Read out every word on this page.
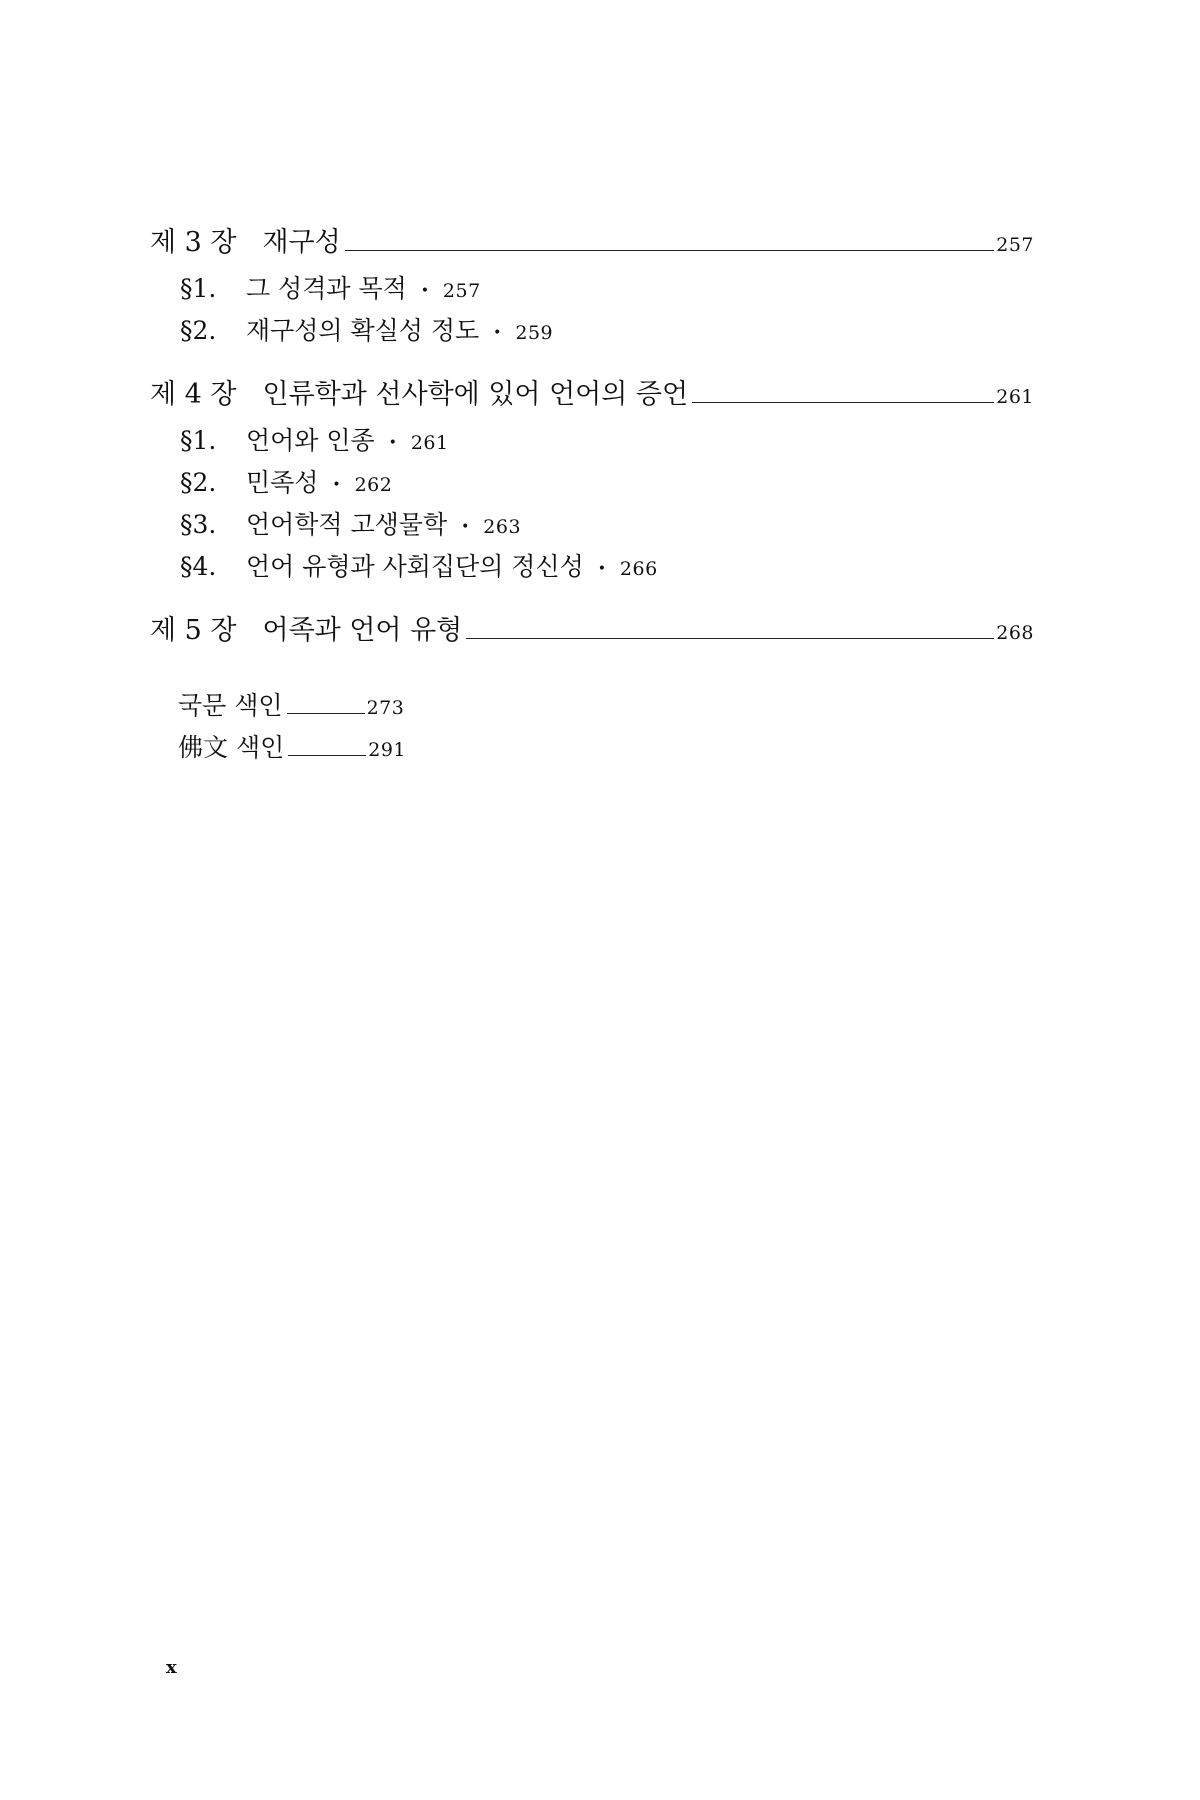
제 3 장 재구성	257
§1. 그 성격과 목적 • 257
§2. 재구성의 확실성 정도 • 259
제 4 장 인류학과 선사학에 있어 언어의 증언	261
§1. 언어와 인종 • 261
§2. 민족성 • 262
§3. 언어학적 고생물학 • 263
§4. 언어 유형과 사회집단의 정신성 • 266
제 5 장 어족과 언어 유형	268
국문 색인	273
佛文 색인	291
x
